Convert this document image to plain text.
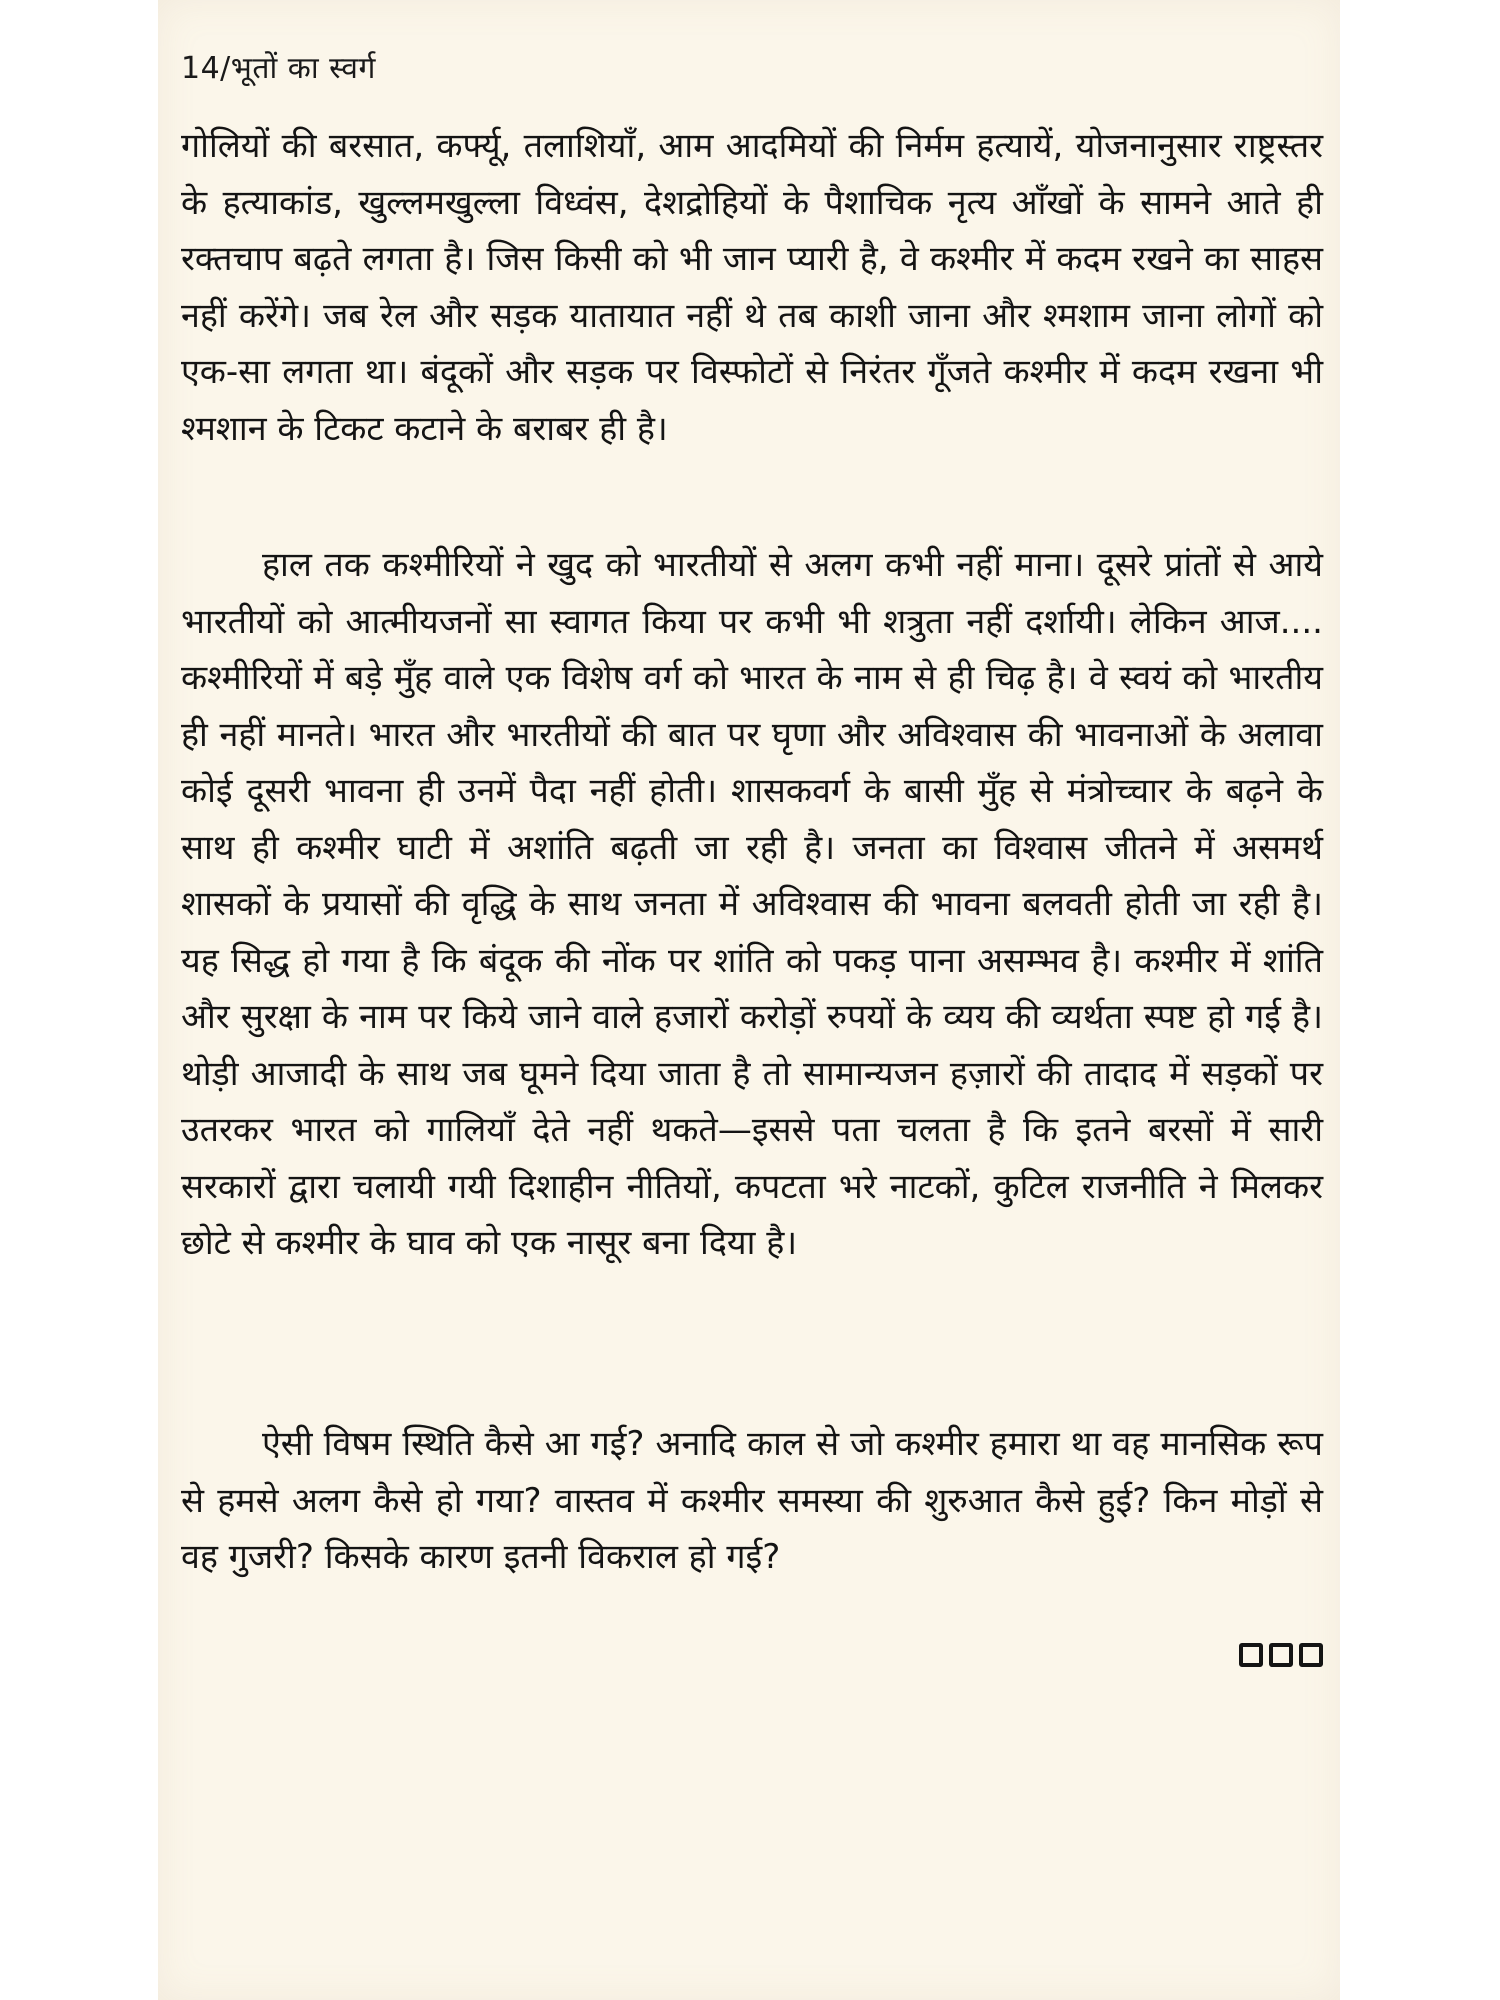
14/भूतों का स्वर्ग
गोलियों की बरसात, कर्फ्यू, तलाशियाँ, आम आदमियों की निर्मम हत्यायें, योजनानुसार राष्ट्रस्तर के हत्याकांड, खुल्लमखुल्ला विध्वंस, देशद्रोहियों के पैशाचिक नृत्य आँखों के सामने आते ही रक्तचाप बढ़ते लगता है। जिस किसी को भी जान प्यारी है, वे कश्मीर में कदम रखने का साहस नहीं करेंगे। जब रेल और सड़क यातायात नहीं थे तब काशी जाना और श्मशाम जाना लोगों को एक-सा लगता था। बंदूकों और सड़क पर विस्फोटों से निरंतर गूँजते कश्मीर में कदम रखना भी श्मशान के टिकट कटाने के बराबर ही है।
हाल तक कश्मीरियों ने खुद को भारतीयों से अलग कभी नहीं माना। दूसरे प्रांतों से आये भारतीयों को आत्मीयजनों सा स्वागत किया पर कभी भी शत्रुता नहीं दर्शायी। लेकिन आज.... कश्मीरियों में बड़े मुँह वाले एक विशेष वर्ग को भारत के नाम से ही चिढ़ है। वे स्वयं को भारतीय ही नहीं मानते। भारत और भारतीयों की बात पर घृणा और अविश्वास की भावनाओं के अलावा कोई दूसरी भावना ही उनमें पैदा नहीं होती। शासकवर्ग के बासी मुँह से मंत्रोच्चार के बढ़ने के साथ ही कश्मीर घाटी में अशांति बढ़ती जा रही है। जनता का विश्वास जीतने में असमर्थ शासकों के प्रयासों की वृद्धि के साथ जनता में अविश्वास की भावना बलवती होती जा रही है। यह सिद्ध हो गया है कि बंदूक की नोंक पर शांति को पकड़ पाना असम्भव है। कश्मीर में शांति और सुरक्षा के नाम पर किये जाने वाले हजारों करोड़ों रुपयों के व्यय की व्यर्थता स्पष्ट हो गई है। थोड़ी आजादी के साथ जब घूमने दिया जाता है तो सामान्यजन हज़ारों की तादाद में सड़कों पर उतरकर भारत को गालियाँ देते नहीं थकते—इससे पता चलता है कि इतने बरसों में सारी सरकारों द्वारा चलायी गयी दिशाहीन नीतियों, कपटता भरे नाटकों, कुटिल राजनीति ने मिलकर छोटे से कश्मीर के घाव को एक नासूर बना दिया है।
ऐसी विषम स्थिति कैसे आ गई? अनादि काल से जो कश्मीर हमारा था वह मानसिक रूप से हमसे अलग कैसे हो गया? वास्तव में कश्मीर समस्या की शुरुआत कैसे हुई? किन मोड़ों से वह गुजरी? किसके कारण इतनी विकराल हो गई?
